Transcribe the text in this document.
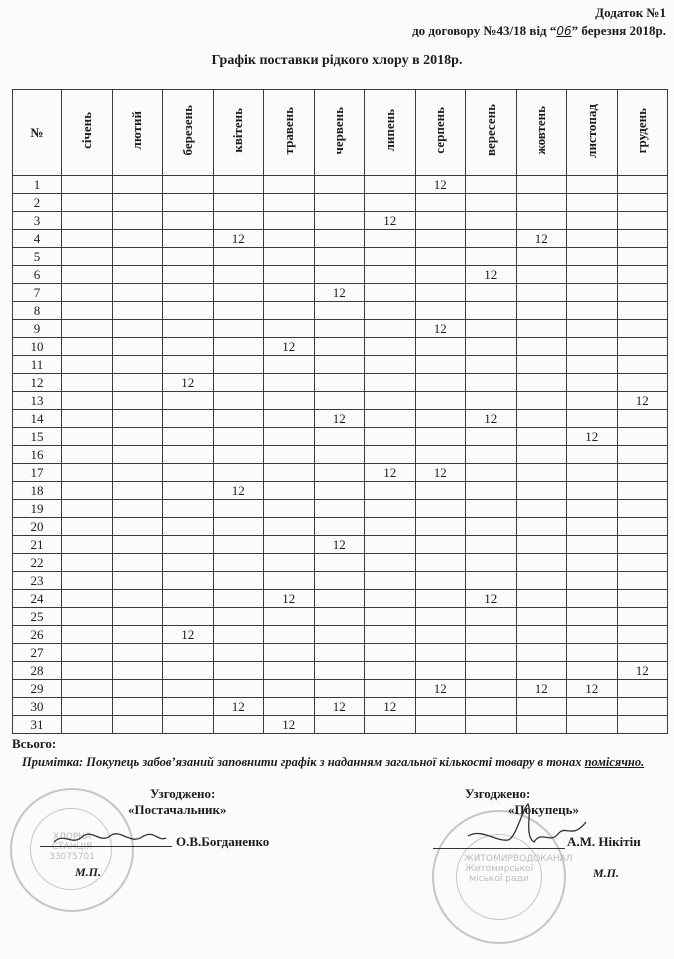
Додаток №1
до договору №43/18 від “06” березня 2018р.
Графік поставки рідкого хлору в 2018р.
№	січень	лютий	березень	квітень	травень	червень	липень	серпень	вересень	жовтень	листопад	грудень
1								12				
2												
3							12					
4				12						12		
5												
6									12			
7						12						
8												
9								12				
10					12							
11												
12			12									
13												12
14						12			12			
15											12	
16												
17							12	12				
18				12								
19												
20												
21						12						
22												
23												
24					12				12			
25												
26			12									
27												
28												12
29								12		12	12	
30				12		12	12					
31					12							
Всього:
Примітка: Покупець забов’язаний заповнити графік з наданням загальної кількості товару в тонах помісячно.
ХЛОРНА СТАНЦІЯ 33075701
Узгоджено:
«Постачальник»
О.В.Богданенко
М.П.
ЖИТОМИРВОДОКАНАЛ Житомирської міської ради
Узгоджено:
«Покупець»
А.М. Нікітін
М.П.
